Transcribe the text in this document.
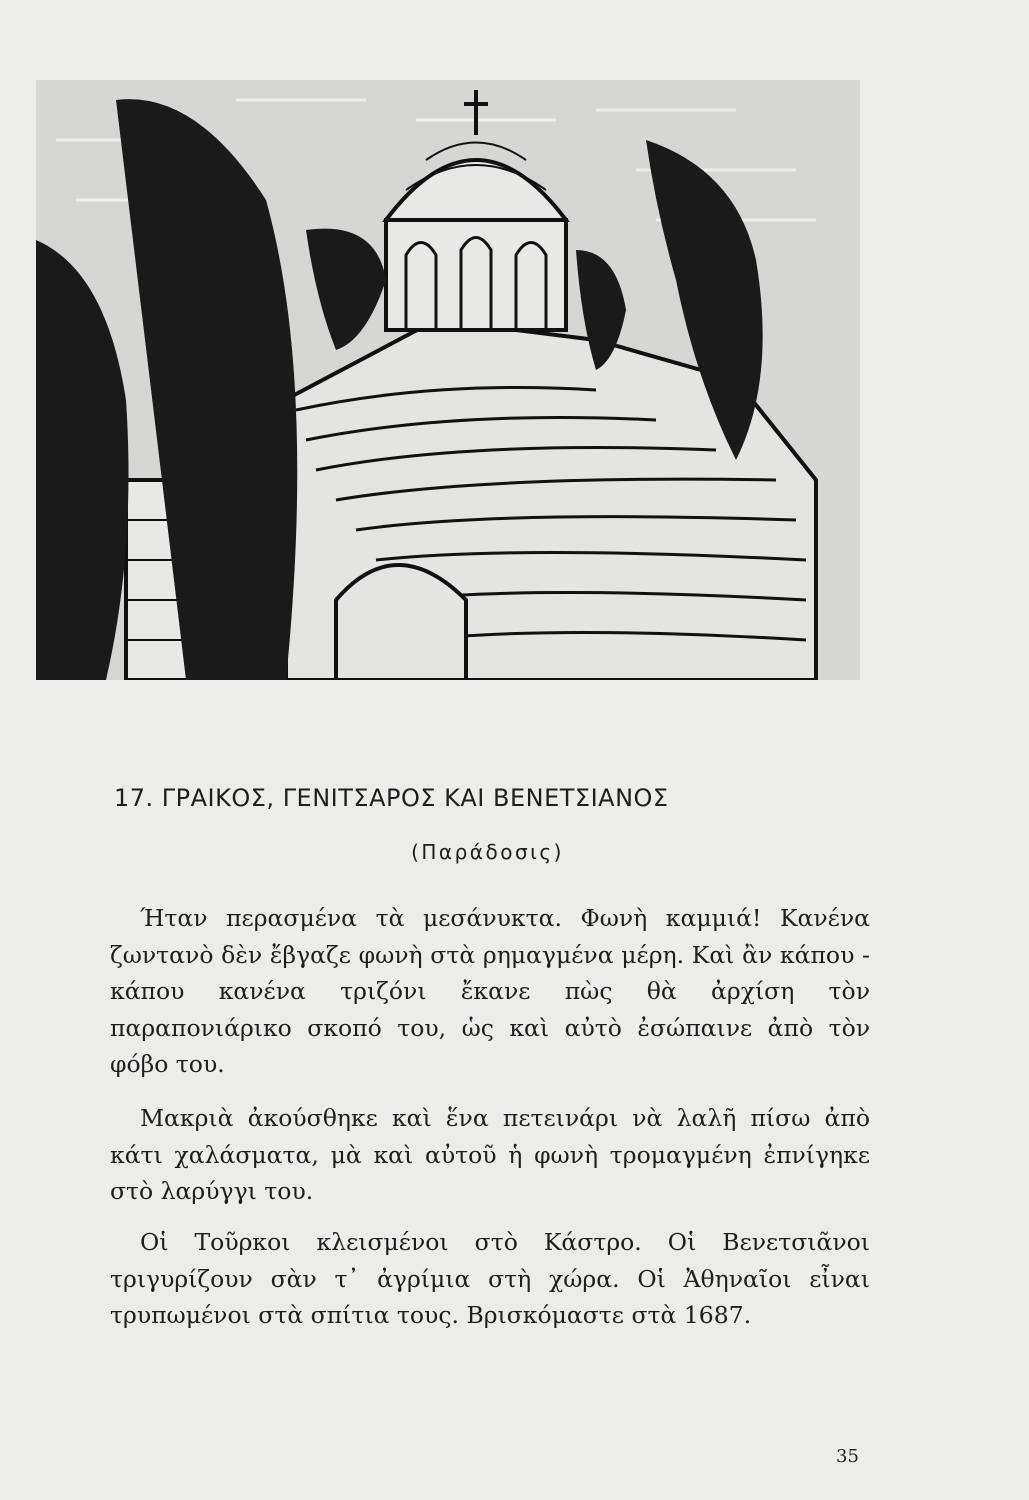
17. ΓΡΑΙΚΟΣ, ΓΕΝΙΤΣΑΡΟΣ ΚΑΙ ΒΕΝΕΤΣΙΑΝΟΣ
(Παράδοσις)
Ήταν περασμένα τὰ μεσάνυκτα. Φωνὴ καμμιά! Κανένα ζωντανὸ δὲν ἔβγαζε φωνὴ στὰ ρημαγμένα μέρη. Καὶ ἂν κάπου - κάπου κανένα τριζόνι ἔκανε πὼς θὰ ἀρχίση τὸν παραπονιάρικο σκοπό του, ὡς καὶ αὐτὸ ἐσώπαινε ἀπὸ τὸν φόβο του.
Μακριὰ ἀκούσθηκε καὶ ἕνα πετεινάρι νὰ λαλῆ πίσω ἀπὸ κάτι χαλάσματα, μὰ καὶ αὐτοῦ ἡ φωνὴ τρομαγμένη ἐπνίγηκε στὸ λαρύγγι του.
Οἱ Τοῦρκοι κλεισμένοι στὸ Κάστρο. Οἱ Βενετσιᾶνοι τριγυρίζουν σὰν τ᾽ ἀγρίμια στὴ χώρα. Οἱ Ἀθηναῖοι εἶναι τρυπωμένοι στὰ σπίτια τους. Βρισκόμαστε στὰ 1687.
35
